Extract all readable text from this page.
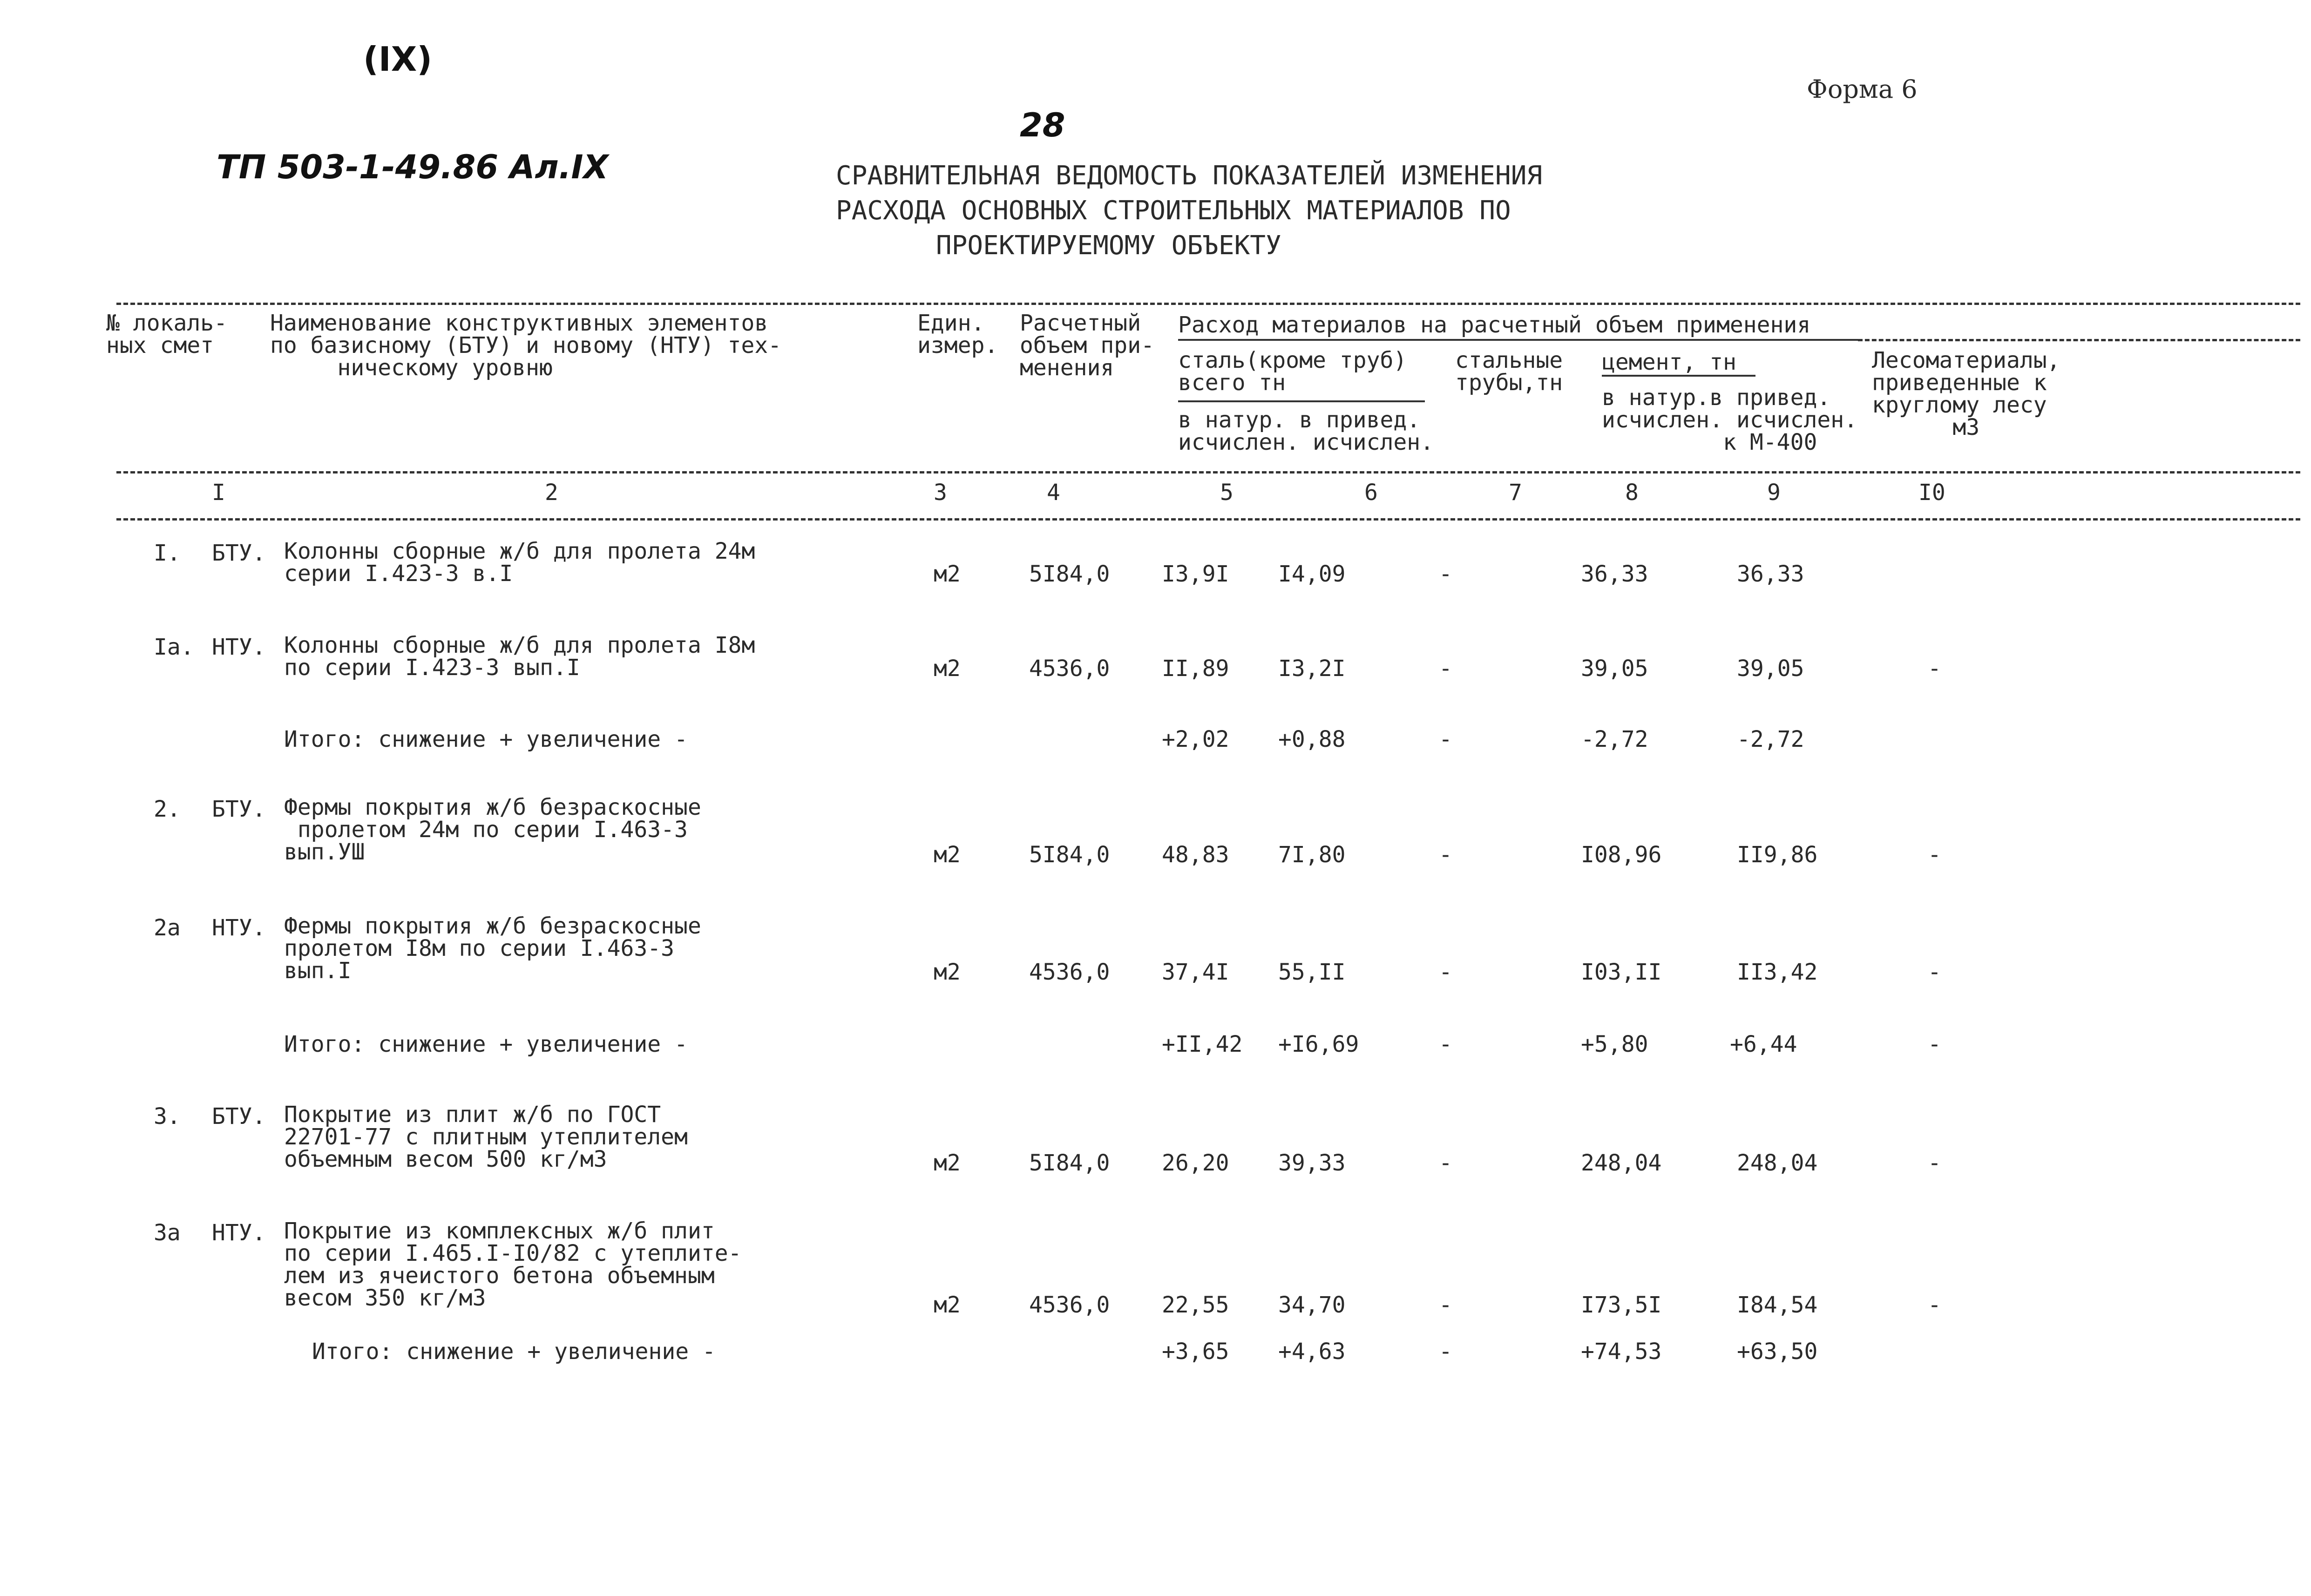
(IX)
ТП 503-1-49.86 Ал.IX
28
Форма 6
СРАВНИТЕЛЬНАЯ ВЕДОМОСТЬ ПОКАЗАТЕЛЕЙ ИЗМЕНЕНИЯ
РАСХОДА ОСНОВНЫХ СТРОИТЕЛЬНЫХ МАТЕРИАЛОВ ПО
ПРОЕКТИРУЕМОМУ ОБЪЕКТУ
№ локаль-
ных смет
Наименование конструктивных элементов
по базисному (БТУ) и новому (НТУ) тех-
ническому уровню
Един.
измер.
Расчетный
объем при-
менения
Расход материалов на расчетный объем применения
сталь(кроме труб)
всего тн
в натур. в привед.
исчислен. исчислен.
стальные
трубы,тн
цемент, тн
в натур.в привед.
исчислен. исчислен.
к М-400
Лесоматериалы,
приведенные к
круглому лесу
м3
I	2	3	4	5	6	7	8	9	I0
I. БТУ. Колонны сборные ж/б для пролета 24м
серии I.423-3 в.I	м2	5I84,0 I3,9I I4,09	-	36,33	36,33
Iа. НТУ. Колонны сборные ж/б для пролета I8м
по серии I.423-3 вып.I	м2	4536,0 II,89 I3,2I	-	39,05	39,05	-
Итого: снижение + увеличение -	+2,02 +0,88	-	-2,72	-2,72
2. БТУ. Фермы покрытия ж/б безраскосные
пролетом 24м по серии I.463-3
вып.УШ	м2	5I84,0 48,83 7I,80	-	I08,96	II9,86	-
2а НТУ. Фермы покрытия ж/б безраскосные
пролетом I8м по серии I.463-3
вып.I	м2	4536,0 37,4I 55,II	-	I03,II	II3,42	-
Итого: снижение + увеличение -	+II,42 +I6,69	-	+5,80	+6,44	-
3. БТУ. Покрытие из плит ж/б по ГОСТ
22701-77 с плитным утеплителем
объемным весом 500 кг/м3	м2	5I84,0 26,20 39,33	-	248,04	248,04	-
3а НТУ. Покрытие из комплексных ж/б плит
по серии I.465.I-I0/82 с утеплите-
лем из ячеистого бетона объемным
весом 350 кг/м3	м2	4536,0 22,55 34,70	-	I73,5I	I84,54	-
Итого: снижение + увеличение -	+3,65 +4,63	-	+74,53	+63,50
